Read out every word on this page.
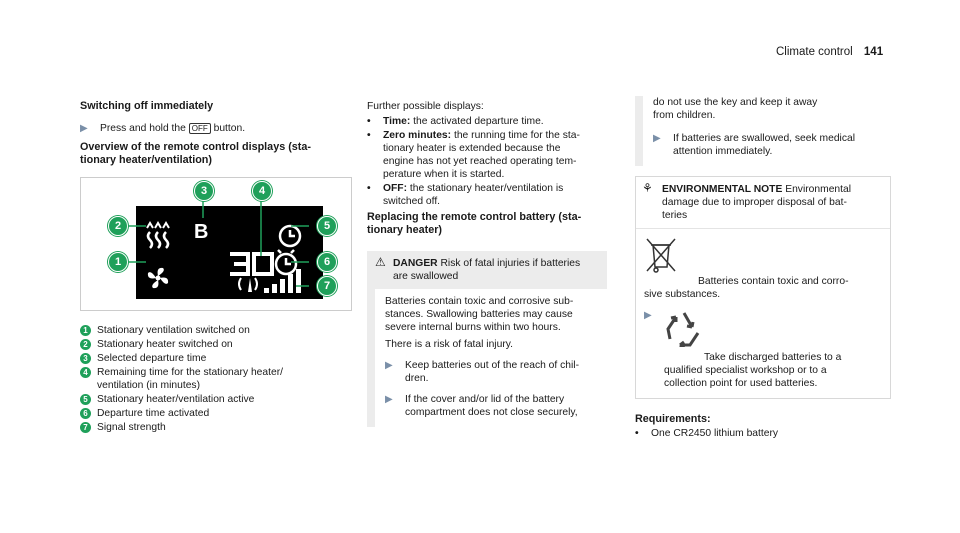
Climate control 141
Switching off immediately
▶	Press and hold the OFF button.
Overview of the remote control displays (sta-
tionary heater/ventilation)
B
2
1
3	4
5
6
7
1 Stationary ventilation switched on
2 Stationary heater switched on
3 Selected departure time
4 Remaining time for the stationary heater/
ventilation (in minutes)
5 Stationary heater/ventilation active
6 Departure time activated
7 Signal strength

Further possible displays:

•	Time: the activated departure time.
•	Zero minutes: the running time for the sta-
tionary heater is extended because the
engine has not yet reached operating tem-
perature when it is started.
•	OFF: the stationary heater/ventilation is
switched off.
Replacing the remote control battery (sta-
tionary heater)
⚠ DANGER Risk of fatal injuries if batteries
are swallowed

Batteries contain toxic and corrosive sub-
stances. Swallowing batteries may cause
severe internal burns within two hours.

There is a risk of fatal injury.

▶	Keep batteries out of the reach of chil-
dren.
▶	If the cover and/or lid of the battery
compartment does not close securely,

do not use the key and keep it away
from children.

▶	If batteries are swallowed, seek medical
attention immediately.
⚘ ENVIRONMENTAL NOTE Environmental
damage due to improper disposal of bat-
teries

Batteries contain toxic and corro-
sive substances.

▶

Take discharged batteries to a
qualified specialist workshop or to a
collection point for used batteries.
Requirements:
•	One CR2450 lithium battery
